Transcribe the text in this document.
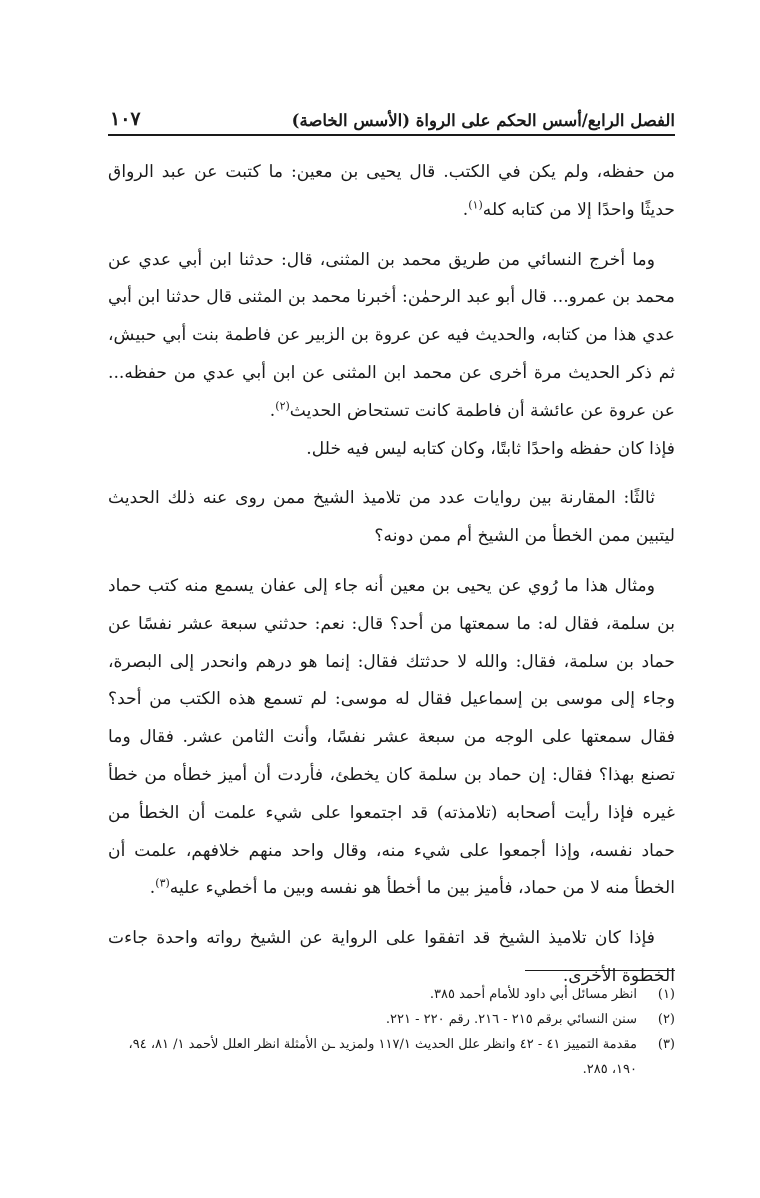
الفصل الرابع/أسس الحكم على الرواة (الأسس الخاصة)
١٠٧

من حفظه، ولم يكن في الكتب. قال يحيى بن معين: ما كتبت عن عبد الرواق حديثًا واحدًا إلا من كتابه كله$^{(١)}$.

وما أخرج النسائي من طريق محمد بن المثنى، قال: حدثنا ابن أبي عدي عن محمد بن عمرو... قال أبو عبد الرحمٰن: أخبرنا محمد بن المثنى قال حدثنا ابن أبي عدي هذا من كتابه، والحديث فيه عن عروة بن الزبير عن فاطمة بنت أبي حبيش، ثم ذكر الحديث مرة أخرى عن محمد ابن المثنى عن ابن أبي عدي من حفظه... عن عروة عن عائشة أن فاطمة كانت تستحاض الحديث$^{(٢)}$.

فإذا كان حفظه واحدًا ثابتًا، وكان كتابه ليس فيه خلل.

ثالثًا: المقارنة بين روايات عدد من تلاميذ الشيخ ممن روى عنه ذلك الحديث ليتبين ممن الخطأ من الشيخ أم ممن دونه؟

ومثال هذا ما رُوي عن يحيى بن معين أنه جاء إلى عفان يسمع منه كتب حماد بن سلمة، فقال له: ما سمعتها من أحد؟ قال: نعم: حدثني سبعة عشر نفسًا عن حماد بن سلمة، فقال: والله لا حدثتك فقال: إنما هو درهم وانحدر إلى البصرة، وجاء إلى موسى بن إسماعيل فقال له موسى: لم تسمع هذه الكتب من أحد؟ فقال سمعتها على الوجه من سبعة عشر نفسًا، وأنت الثامن عشر. فقال وما تصنع بهذا؟ فقال: إن حماد بن سلمة كان يخطئ، فأردت أن أميز خطأه من خطأ غيره فإذا رأيت أصحابه (تلامذته) قد اجتمعوا على شيء علمت أن الخطأ من حماد نفسه، وإذا أجمعوا على شيء منه، وقال واحد منهم خلافهم، علمت أن الخطأ منه لا من حماد، فأميز بين ما أخطأ هو نفسه وبين ما أخطيء عليه$^{(٣)}$.

فإذا كان تلاميذ الشيخ قد اتفقوا على الرواية عن الشيخ رواته واحدة جاءت الخطوة الأخرى.

(١)
انظر مسائل أبي داود للأمام أحمد ٣٨٥.
(٢)
سنن النسائي برقم ٢١٥ - ٢١٦. رقم ٢٢٠ - ٢٢١.
(٣)
مقدمة التمييز ٤١ - ٤٢ وانظر علل الحديث ١١٧/١ ولمزيد ـن الأمثلة انظر العلل لأحمد ١/ ٨١، ٩٤، ١٩٠، ٢٨٥.
